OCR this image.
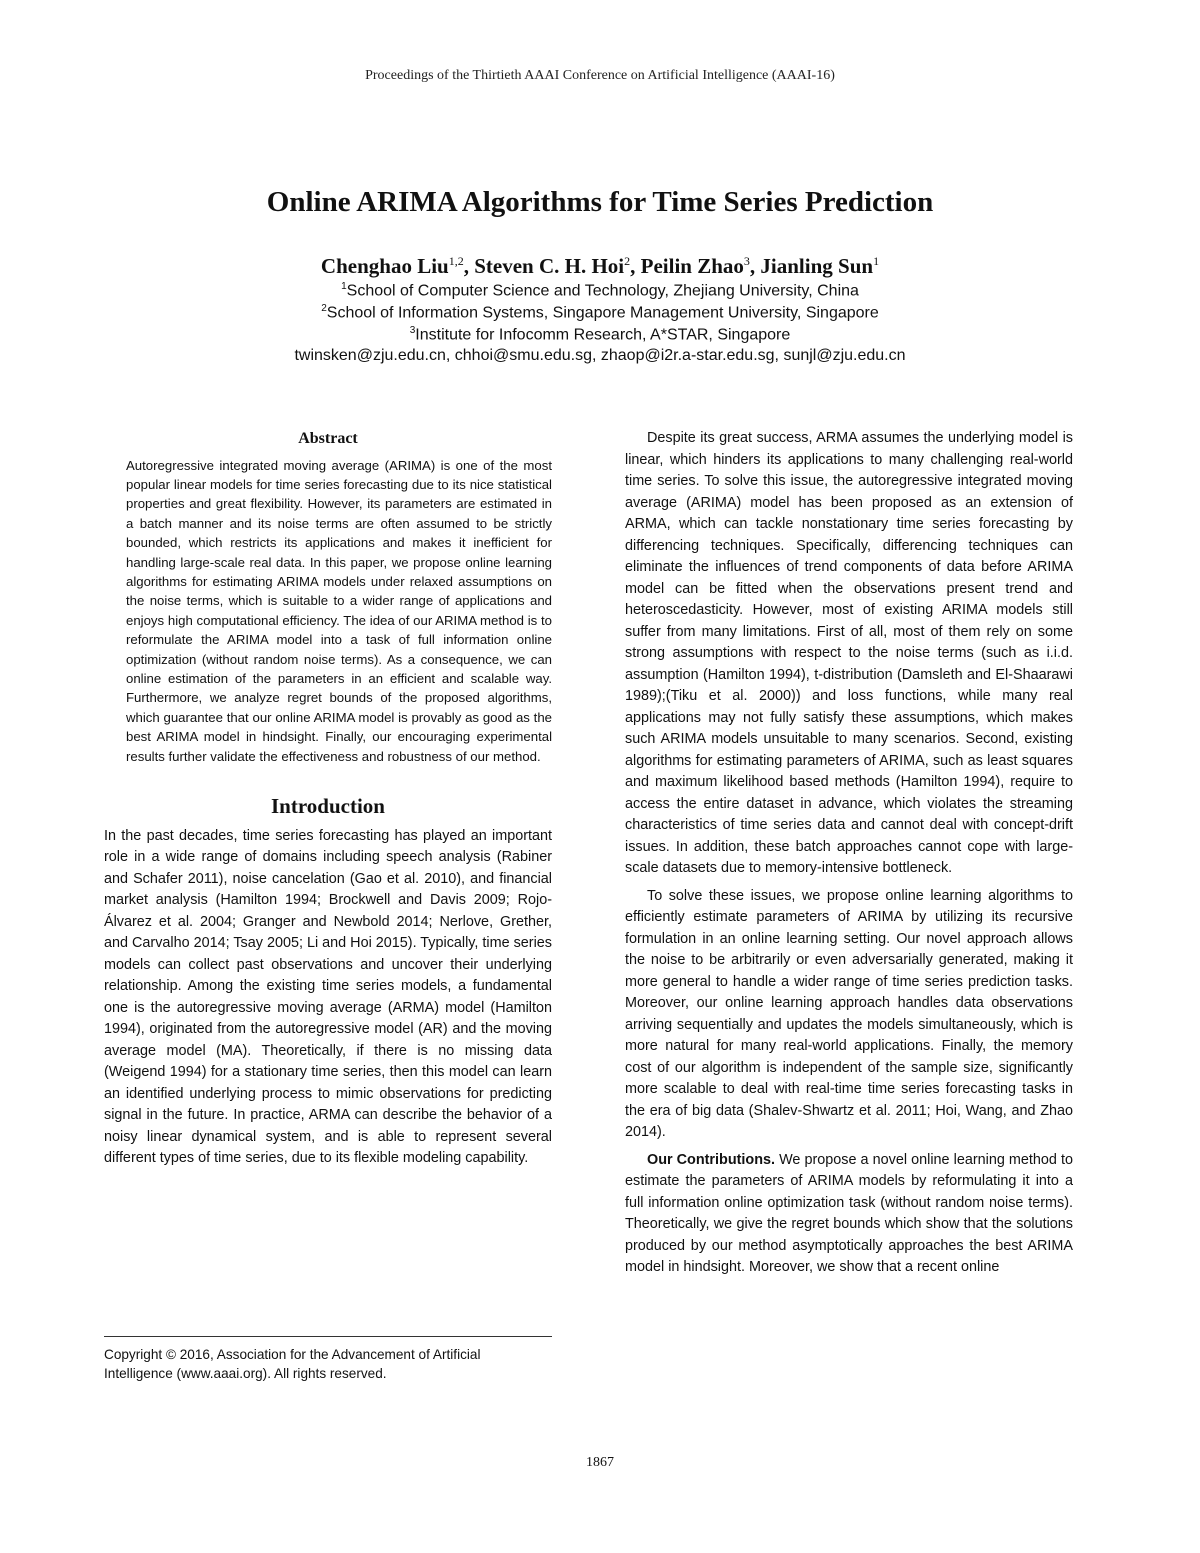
Proceedings of the Thirtieth AAAI Conference on Artificial Intelligence (AAAI-16)
Online ARIMA Algorithms for Time Series Prediction
Chenghao Liu$^{1,2}$, Steven C. H. Hoi$^2$, Peilin Zhao$^3$, Jianling Sun$^1$
$^1$School of Computer Science and Technology, Zhejiang University, China
$^2$School of Information Systems, Singapore Management University, Singapore
$^3$Institute for Infocomm Research, A*STAR, Singapore
twinsken@zju.edu.cn, chhoi@smu.edu.sg, zhaop@i2r.a-star.edu.sg, sunjl@zju.edu.cn
Abstract

Autoregressive integrated moving average (ARIMA) is one of the most popular linear models for time series forecasting due to its nice statistical properties and great flexibility. However, its parameters are estimated in a batch manner and its noise terms are often assumed to be strictly bounded, which restricts its applications and makes it inefficient for handling large-scale real data. In this paper, we propose online learning algorithms for estimating ARIMA models under relaxed assumptions on the noise terms, which is suitable to a wider range of applications and enjoys high computational efficiency. The idea of our ARIMA method is to reformulate the ARIMA model into a task of full information online optimization (without random noise terms). As a consequence, we can online estimation of the parameters in an efficient and scalable way. Furthermore, we analyze regret bounds of the proposed algorithms, which guarantee that our online ARIMA model is provably as good as the best ARIMA model in hindsight. Finally, our encouraging experimental results further validate the effectiveness and robustness of our method.

Introduction

In the past decades, time series forecasting has played an important role in a wide range of domains including speech analysis (Rabiner and Schafer 2011), noise cancelation (Gao et al. 2010), and financial market analysis (Hamilton 1994; Brockwell and Davis 2009; Rojo-Álvarez et al. 2004; Granger and Newbold 2014; Nerlove, Grether, and Carvalho 2014; Tsay 2005; Li and Hoi 2015). Typically, time series models can collect past observations and uncover their underlying relationship. Among the existing time series models, a fundamental one is the autoregressive moving average (ARMA) model (Hamilton 1994), originated from the autoregressive model (AR) and the moving average model (MA). Theoretically, if there is no missing data (Weigend 1994) for a stationary time series, then this model can learn an identified underlying process to mimic observations for predicting signal in the future. In practice, ARMA can describe the behavior of a noisy linear dynamical system, and is able to represent several different types of time series, due to its flexible modeling capability.

Despite its great success, ARMA assumes the underlying model is linear, which hinders its applications to many challenging real-world time series. To solve this issue, the autoregressive integrated moving average (ARIMA) model has been proposed as an extension of ARMA, which can tackle nonstationary time series forecasting by differencing techniques. Specifically, differencing techniques can eliminate the influences of trend components of data before ARIMA model can be fitted when the observations present trend and heteroscedasticity. However, most of existing ARIMA models still suffer from many limitations. First of all, most of them rely on some strong assumptions with respect to the noise terms (such as i.i.d. assumption (Hamilton 1994), t-distribution (Damsleth and El-Shaarawi 1989);(Tiku et al. 2000)) and loss functions, while many real applications may not fully satisfy these assumptions, which makes such ARIMA models unsuitable to many scenarios. Second, existing algorithms for estimating parameters of ARIMA, such as least squares and maximum likelihood based methods (Hamilton 1994), require to access the entire dataset in advance, which violates the streaming characteristics of time series data and cannot deal with concept-drift issues. In addition, these batch approaches cannot cope with large-scale datasets due to memory-intensive bottleneck.

To solve these issues, we propose online learning algorithms to efficiently estimate parameters of ARIMA by utilizing its recursive formulation in an online learning setting. Our novel approach allows the noise to be arbitrarily or even adversarially generated, making it more general to handle a wider range of time series prediction tasks. Moreover, our online learning approach handles data observations arriving sequentially and updates the models simultaneously, which is more natural for many real-world applications. Finally, the memory cost of our algorithm is independent of the sample size, significantly more scalable to deal with real-time time series forecasting tasks in the era of big data (Shalev-Shwartz et al. 2011; Hoi, Wang, and Zhao 2014).

Our Contributions. We propose a novel online learning method to estimate the parameters of ARIMA models by reformulating it into a full information online optimization task (without random noise terms). Theoretically, we give the regret bounds which show that the solutions produced by our method asymptotically approaches the best ARIMA model in hindsight. Moreover, we show that a recent online

Copyright © 2016, Association for the Advancement of Artificial Intelligence (www.aaai.org). All rights reserved.
1867
